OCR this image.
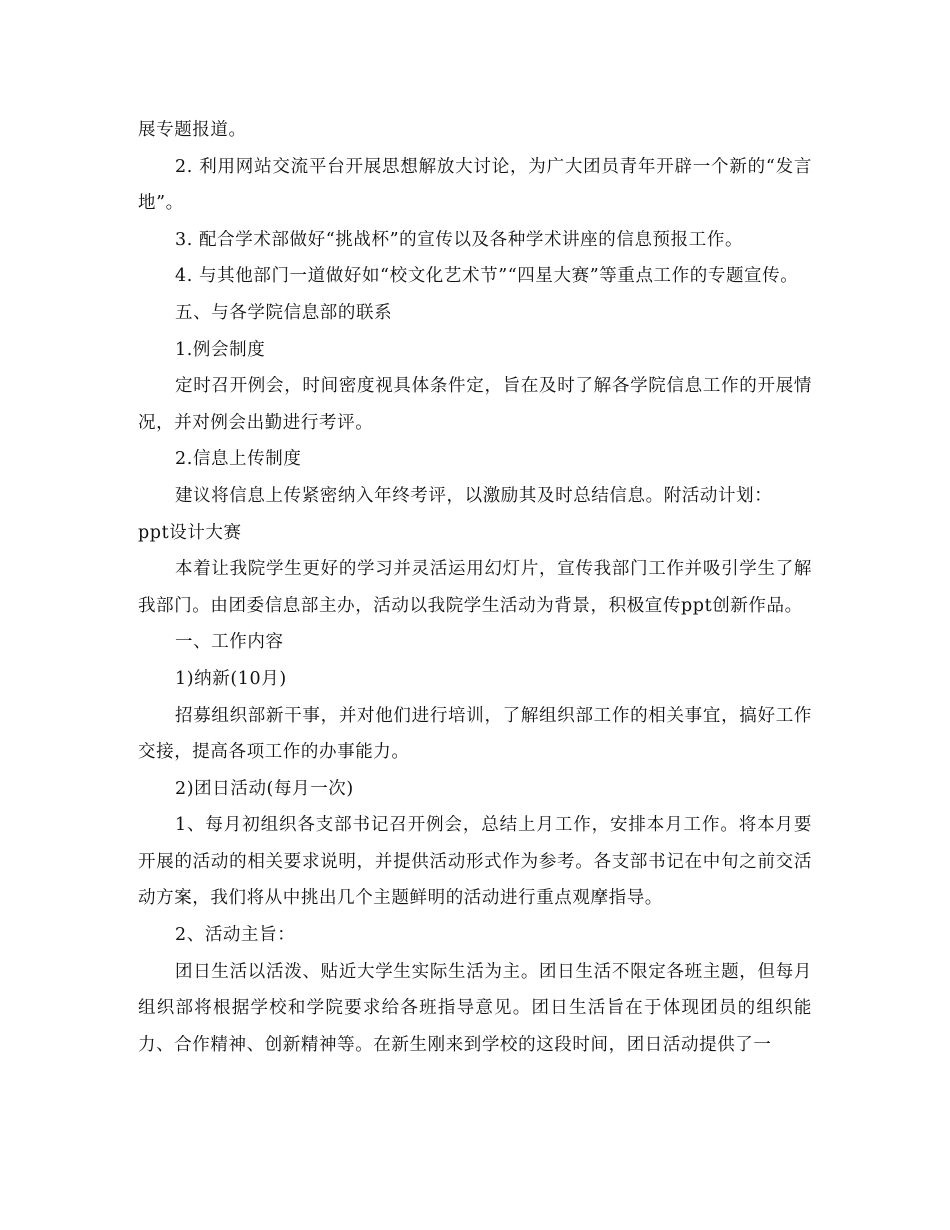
展专题报道。

2. 利用网站交流平台开展思想解放大讨论，为广大团员青年开辟一个新的“发言地”。

3. 配合学术部做好“挑战杯”的宣传以及各种学术讲座的信息预报工作。

4. 与其他部门一道做好如“校文化艺术节”“四星大赛”等重点工作的专题宣传。

五、与各学院信息部的联系

1.例会制度

定时召开例会，时间密度视具体条件定，旨在及时了解各学院信息工作的开展情况，并对例会出勤进行考评。

2.信息上传制度

建议将信息上传紧密纳入年终考评，以激励其及时总结信息。附活动计划：

ppt设计大赛

本着让我院学生更好的学习并灵活运用幻灯片，宣传我部门工作并吸引学生了解我部门。由团委信息部主办，活动以我院学生活动为背景，积极宣传ppt创新作品。

一、工作内容

1)纳新(10月)

招募组织部新干事，并对他们进行培训，了解组织部工作的相关事宜，搞好工作交接，提高各项工作的办事能力。

2)团日活动(每月一次)

1、每月初组织各支部书记召开例会，总结上月工作，安排本月工作。将本月要开展的活动的相关要求说明，并提供活动形式作为参考。各支部书记在中旬之前交活动方案，我们将从中挑出几个主题鲜明的活动进行重点观摩指导。

2、活动主旨：

团日生活以活泼、贴近大学生实际生活为主。团日生活不限定各班主题，但每月组织部将根据学校和学院要求给各班指导意见。团日生活旨在于体现团员的组织能力、合作精神、创新精神等。在新生刚来到学校的这段时间，团日活动提供了一
